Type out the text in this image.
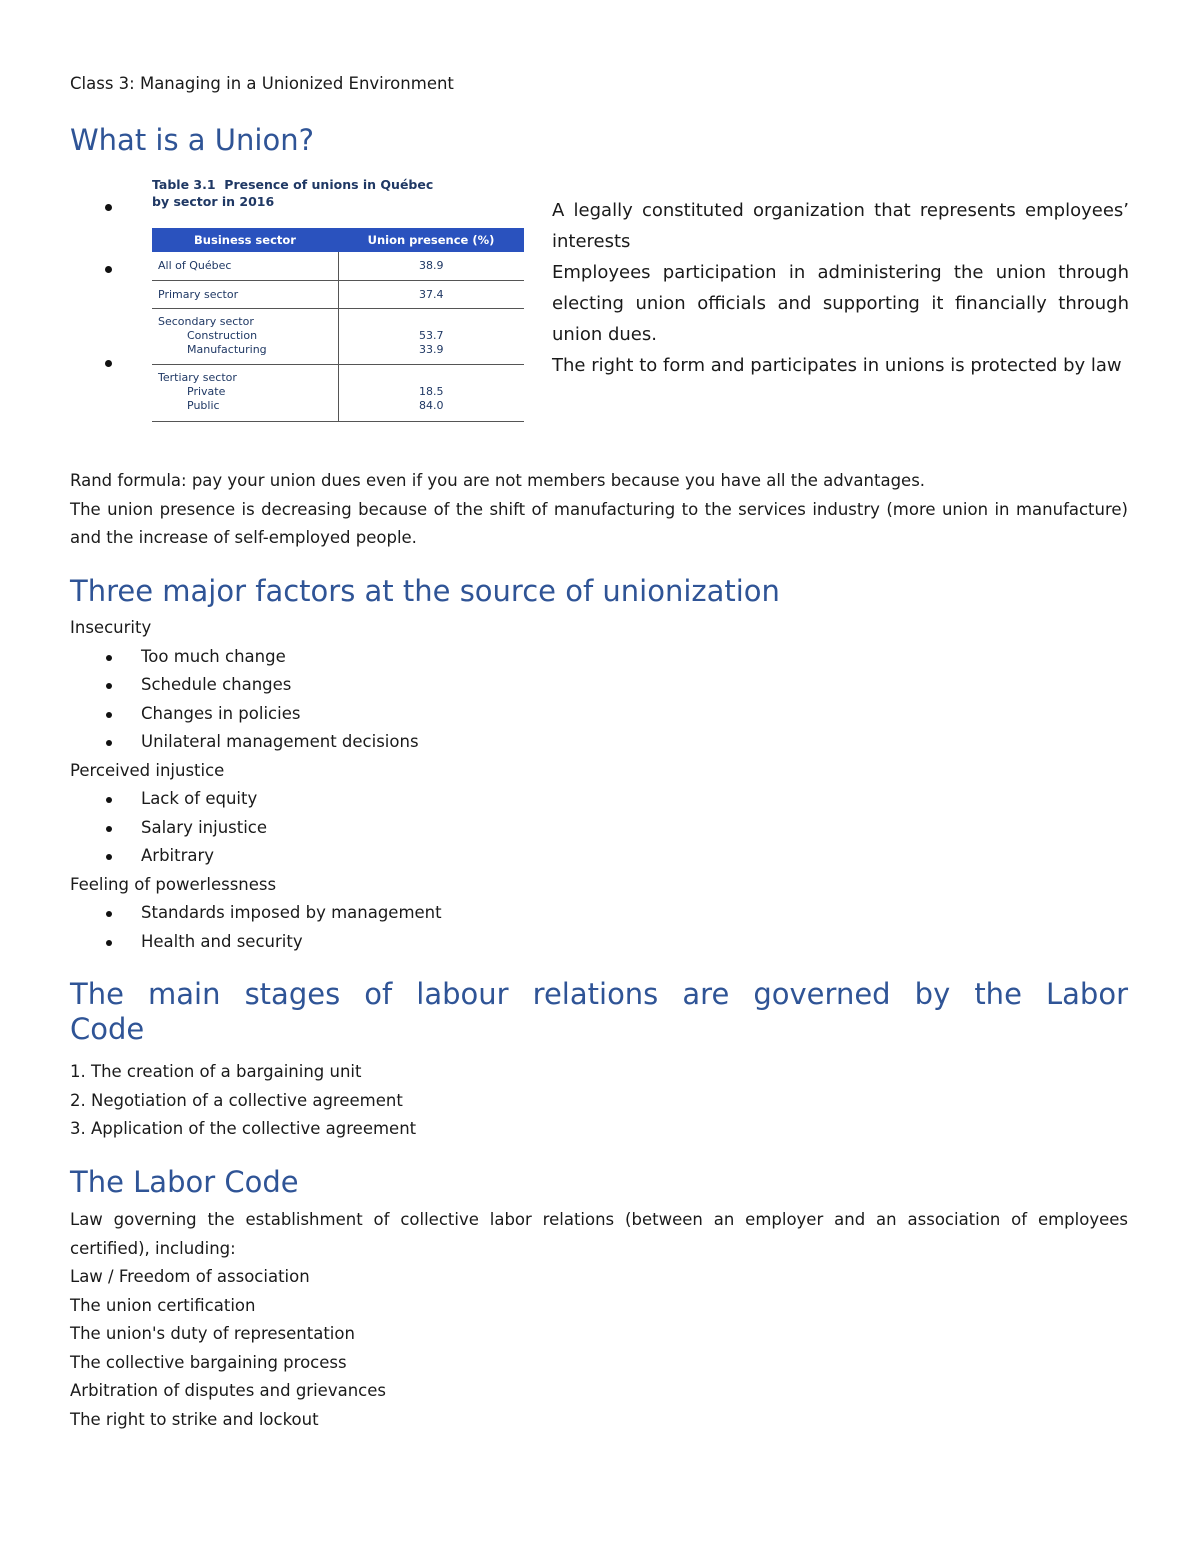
Class 3: Managing in a Unionized Environment
What is a Union?
Table 3.1 Presence of unions in Québec
by sector in 2016
Business sector	Union presence (%)
All of Québec	38.9
Primary sector	37.4
Secondary sector	
Construction	53.7
Manufacturing	33.9
Tertiary sector	
Private	18.5
Public	84.0

A legally constituted organization that represents employees’ interests

Employees participation in administering the union through electing union officials and supporting it financially through union dues.

The right to form and participates in unions is protected by law

Rand formula: pay your union dues even if you are not members because you have all the advantages.

The union presence is decreasing because of the shift of manufacturing to the services industry (more union in manufacture) and the increase of self-employed people.

Three major factors at the source of unionization

Insecurity

Too much change
Schedule changes
Changes in policies
Unilateral management decisions

Perceived injustice

Lack of equity
Salary injustice
Arbitrary

Feeling of powerlessness

Standards imposed by management
Health and security
The main stages of labour relations are governed by the Labor Code

1. The creation of a bargaining unit

2. Negotiation of a collective agreement

3. Application of the collective agreement

The Labor Code

Law governing the establishment of collective labor relations (between an employer and an association of employees certified), including:

Law / Freedom of association

The union certification

The union's duty of representation

The collective bargaining process

Arbitration of disputes and grievances

The right to strike and lockout
